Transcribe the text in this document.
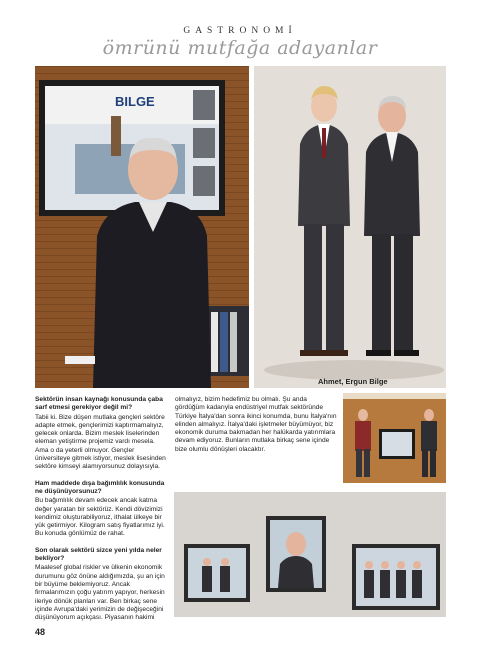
GASTRONOMİ
ömrünü mutfağa adayanlar
BILGE
Ahmet, Ergun Bilge
Sektörün insan kaynağı konusunda çaba sarf etmesi gerekiyor değil mi?
Tabii ki. Bize düşen mutlaka gençleri sektöre adapte etmek, gençlerimizi kaptırmamalıyız, gelecek onlarda. Bizim meslek liselerinden eleman yetiştirme projemiz vardı mesela. Ama o da yeterli olmuyor. Gençler üniversiteye gitmek istiyor, meslek lisesinden sektöre kimseyi alamıyorsunuz dolayısıyla.
Ham maddede dışa bağımlılık konusunda ne düşünüyorsunuz?
Bu bağımlılık devam edecek ancak katma değer yaratan bir sektörüz. Kendi dövizimizi kendimiz oluşturabiliyoruz, ithalat ülkeye bir yük getirmiyor. Kilogram satış fiyatlarımız iyi. Bu konuda gönlümüz de rahat.
Son olarak sektörü sizce yeni yılda neler bekliyor?
Maalesef global riskler ve ülkenin ekonomik durumunu göz önüne aldığımızda, şu an için bir büyüme beklemiyoruz. Ancak firmalarımızın çoğu yatırım yapıyor, herkesin ileriye dönük planları var. Ben birkaç sene içinde Avrupa'daki yerimizin de değişeceğini düşünüyorum açıkçası. Piyasanın hakimi
olmalıyız, bizim hedefimiz bu olmalı. Şu anda gördüğüm kadarıyla endüstriyel mutfak sektöründe Türkiye İtalya'dan sonra ikinci konumda, bunu İtalya'nın elinden almalıyız. İtalya'daki işletmeler büyümüyor, biz ekonomik duruma bakmadan her halükarda yatırımlara devam ediyoruz. Bunların mutlaka birkaç sene içinde bize olumlu dönüşleri olacaktır.
48
